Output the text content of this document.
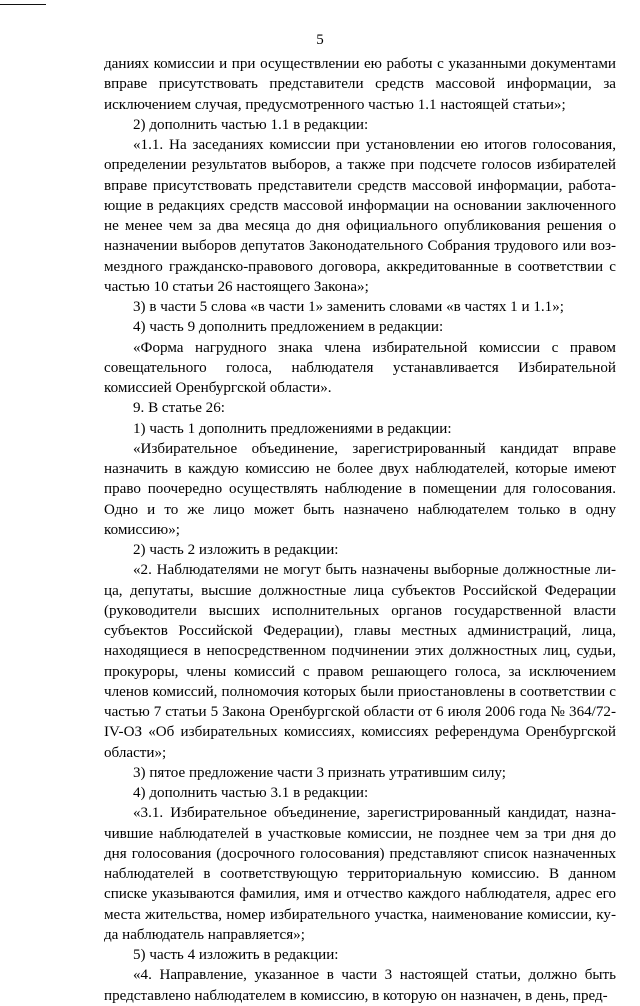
5

даниях комиссии и при осуществлении ею работы с указанными документами вправе присутствовать представители средств массовой информации, за исключением случая, предусмотренного частью 1.1 настоящей статьи»;

2) дополнить частью 1.1 в редакции:

«1.1. На заседаниях комиссии при установлении ею итогов голосования, определении результатов выборов, а также при подсчете голосов избирателей вправе присутствовать представители средств массовой информации, работающие в редакциях средств массовой информации на основании заключенного не менее чем за два месяца до дня официального опубликования решения о назначении выборов депутатов Законодательного Собрания трудового или возмездного гражданско-правового договора, аккредитованные в соответствии с частью 10 статьи 26 настоящего Закона»;

3) в части 5 слова «в части 1» заменить словами «в частях 1 и 1.1»;

4) часть 9 дополнить предложением в редакции:

«Форма нагрудного знака члена избирательной комиссии с правом совещательного голоса, наблюдателя устанавливается Избирательной комиссией Оренбургской области».

9. В статье 26:

1) часть 1 дополнить предложениями в редакции:

«Избирательное объединение, зарегистрированный кандидат вправе назначить в каждую комиссию не более двух наблюдателей, которые имеют право поочередно осуществлять наблюдение в помещении для голосования. Одно и то же лицо может быть назначено наблюдателем только в одну комиссию»;

2) часть 2 изложить в редакции:

«2. Наблюдателями не могут быть назначены выборные должностные лица, депутаты, высшие должностные лица субъектов Российской Федерации (руководители высших исполнительных органов государственной власти субъектов Российской Федерации), главы местных администраций, лица, находящиеся в непосредственном подчинении этих должностных лиц, судьи, прокуроры, члены комиссий с правом решающего голоса, за исключением членов комиссий, полномочия которых были приостановлены в соответствии с частью 7 статьи 5 Закона Оренбургской области от 6 июля 2006 года № 364/72-IV-ОЗ «Об избирательных комиссиях, комиссиях референдума Оренбургской области»;

3) пятое предложение части 3 признать утратившим силу;

4) дополнить частью 3.1 в редакции:

«3.1. Избирательное объединение, зарегистрированный кандидат, назначившие наблюдателей в участковые комиссии, не позднее чем за три дня до дня голосования (досрочного голосования) представляют список назначенных наблюдателей в соответствующую территориальную комиссию. В данном списке указываются фамилия, имя и отчество каждого наблюдателя, адрес его места жительства, номер избирательного участка, наименование комиссии, куда наблюдатель направляется»;

5) часть 4 изложить в редакции:

«4. Направление, указанное в части 3 настоящей статьи, должно быть представлено наблюдателем в комиссию, в которую он назначен, в день, пред-
